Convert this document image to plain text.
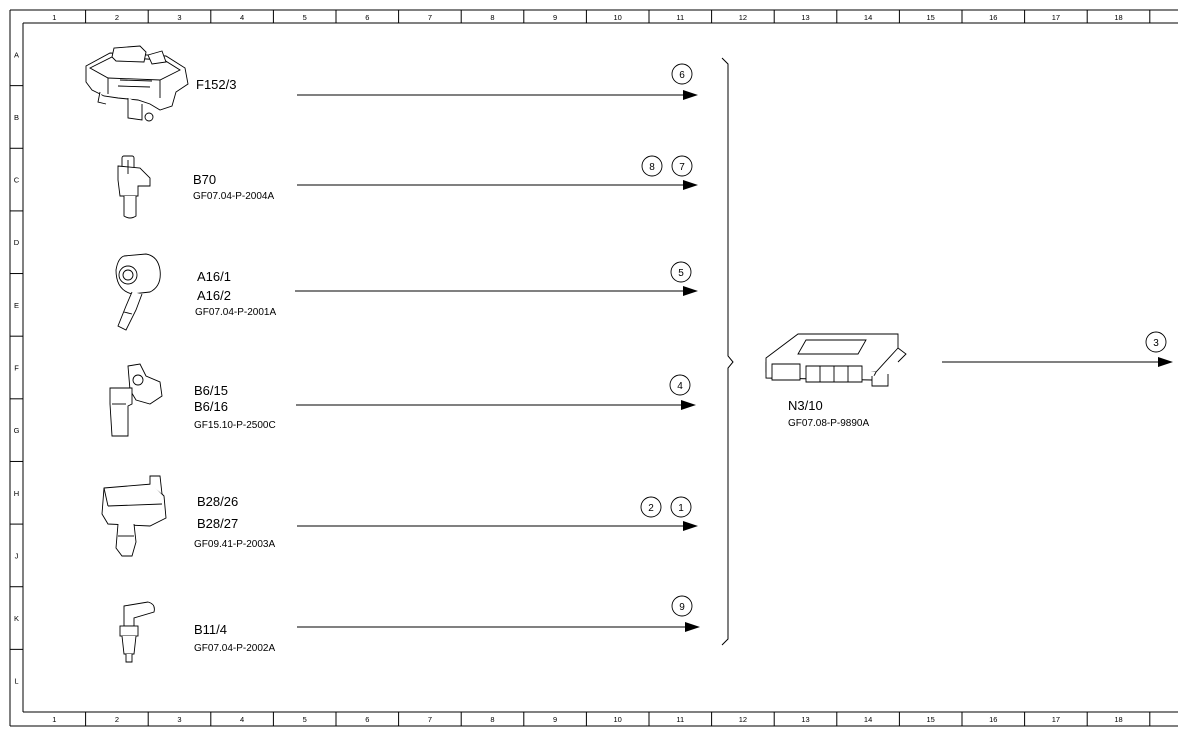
1	2	3	4	5	6	7	8	9	10	11	12	13	14	15	16	17	18
1	2	3	4	5	6	7	8	9	10	11	12	13	14	15	16	17	18
A
B
C
D
E
F
G
H
J
K
L
F152/3
6
B70
GF07.04-P-2004A
8 7
A16/1
A16/2
GF07.04-P-2001A
5
B6/15
B6/16
GF15.10-P-2500C
4
B28/26
B28/27
GF09.41-P-2003A
2 1
B11/4
GF07.04-P-2002A
9
N3/10
GF07.08-P-9890A
3
